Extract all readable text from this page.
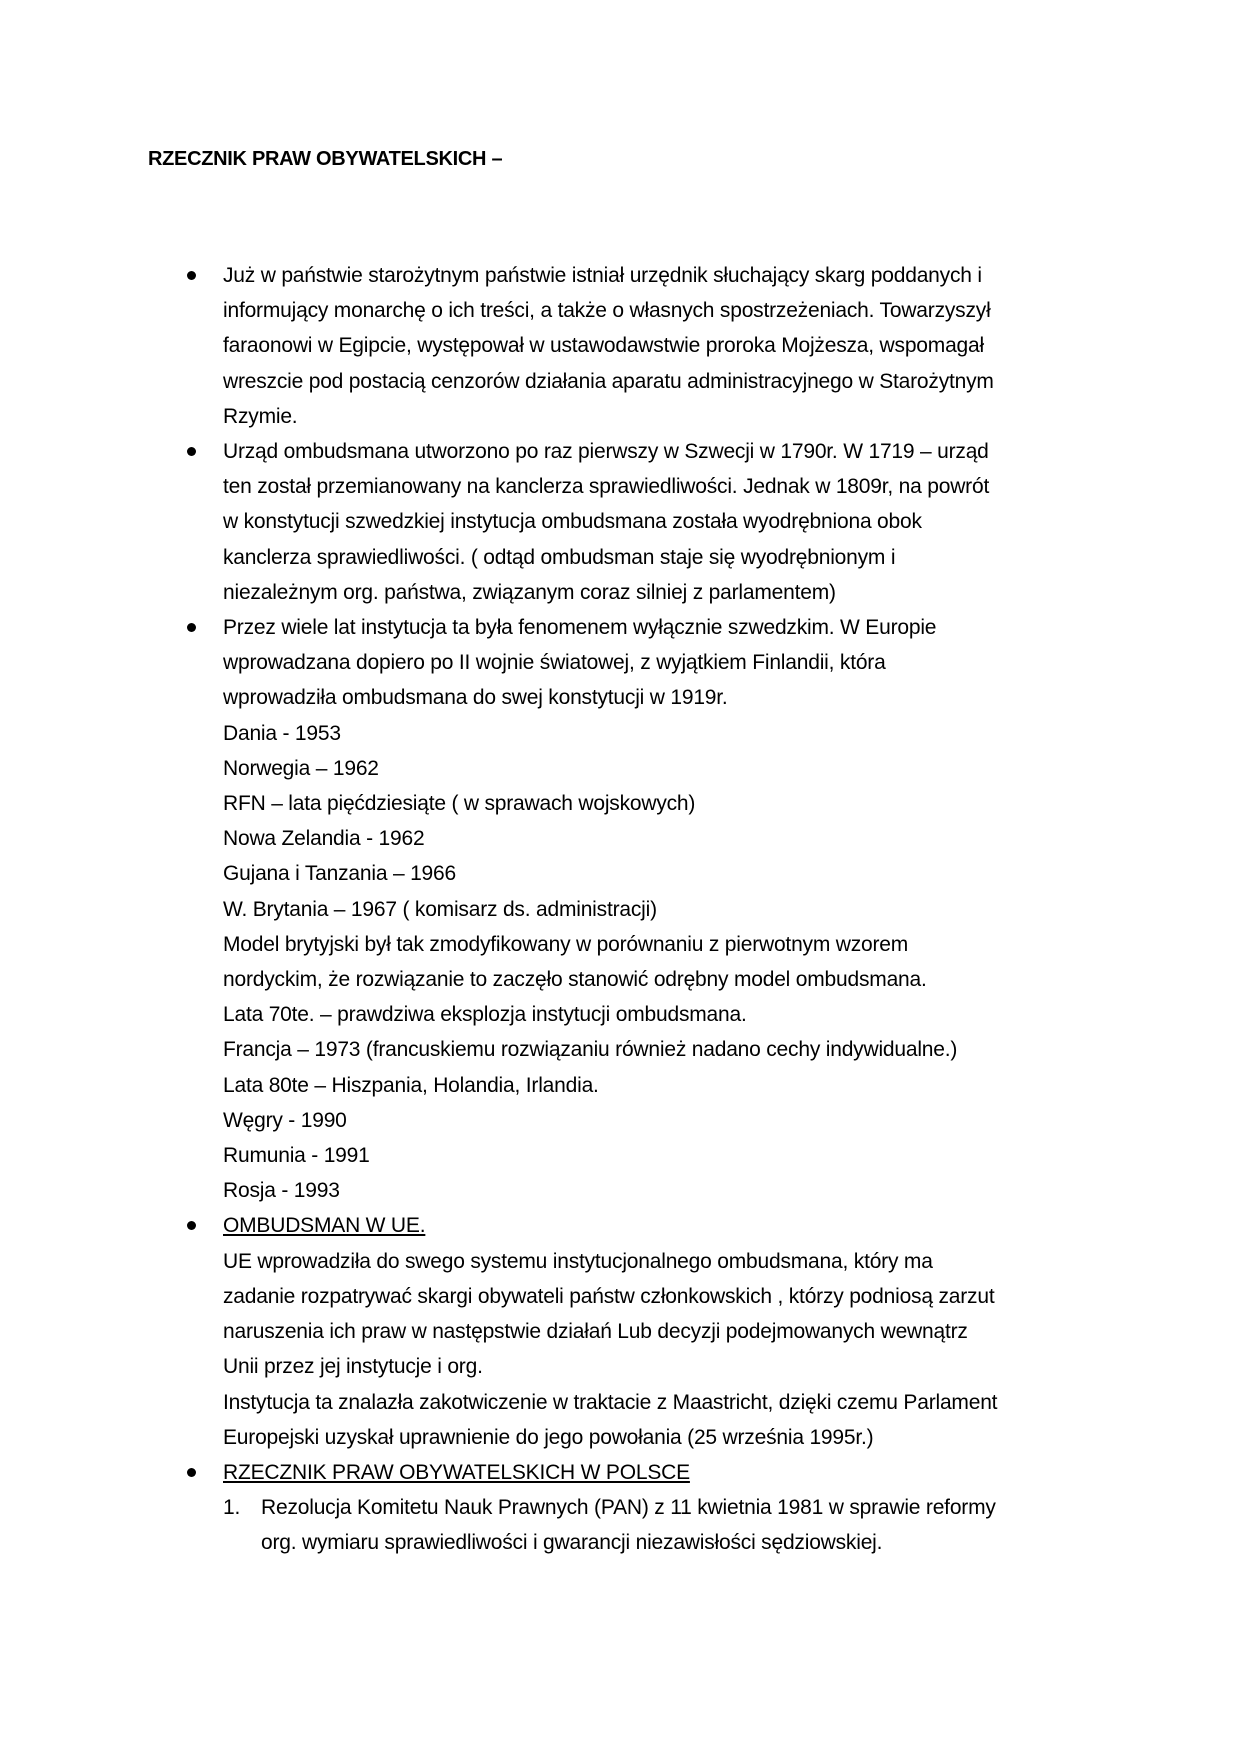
RZECZNIK PRAW OBYWATELSKICH –
Już w państwie starożytnym państwie istniał urzędnik słuchający skarg poddanych i
informujący monarchę o ich treści, a także o własnych spostrzeżeniach. Towarzyszył
faraonowi w Egipcie, występował w ustawodawstwie proroka Mojżesza, wspomagał
wreszcie pod postacią cenzorów działania aparatu administracyjnego w Starożytnym
Rzymie.
Urząd ombudsmana utworzono po raz pierwszy w Szwecji w 1790r. W 1719 – urząd
ten został przemianowany na kanclerza sprawiedliwości. Jednak w 1809r, na powrót
w konstytucji szwedzkiej instytucja ombudsmana została wyodrębniona obok
kanclerza sprawiedliwości. ( odtąd ombudsman staje się wyodrębnionym i
niezależnym org. państwa, związanym coraz silniej z parlamentem)
Przez wiele lat instytucja ta była fenomenem wyłącznie szwedzkim. W Europie
wprowadzana dopiero po II wojnie światowej, z wyjątkiem Finlandii, która
wprowadziła ombudsmana do swej konstytucji w 1919r.
Dania - 1953
Norwegia – 1962
RFN – lata pięćdziesiąte ( w sprawach wojskowych)
Nowa Zelandia - 1962
Gujana i Tanzania – 1966
W. Brytania – 1967 ( komisarz ds. administracji)
Model brytyjski był tak zmodyfikowany w porównaniu z pierwotnym wzorem
nordyckim, że rozwiązanie to zaczęło stanowić odrębny model ombudsmana.
Lata 70te. – prawdziwa eksplozja instytucji ombudsmana.
Francja – 1973 (francuskiemu rozwiązaniu również nadano cechy indywidualne.)
Lata 80te – Hiszpania, Holandia, Irlandia.
Węgry - 1990
Rumunia - 1991
Rosja - 1993
OMBUDSMAN W UE.
UE wprowadziła do swego systemu instytucjonalnego ombudsmana, który ma
zadanie rozpatrywać skargi obywateli państw członkowskich , którzy podniosą zarzut
naruszenia ich praw w następstwie działań Lub decyzji podejmowanych wewnątrz
Unii przez jej instytucje i org.
Instytucja ta znalazła zakotwiczenie w traktacie z Maastricht, dzięki czemu Parlament
Europejski uzyskał uprawnienie do jego powołania (25 września 1995r.)
RZECZNIK PRAW OBYWATELSKICH W POLSCE
1. Rezolucja Komitetu Nauk Prawnych (PAN) z 11 kwietnia 1981 w sprawie reformy
org. wymiaru sprawiedliwości i gwarancji niezawisłości sędziowskiej.
